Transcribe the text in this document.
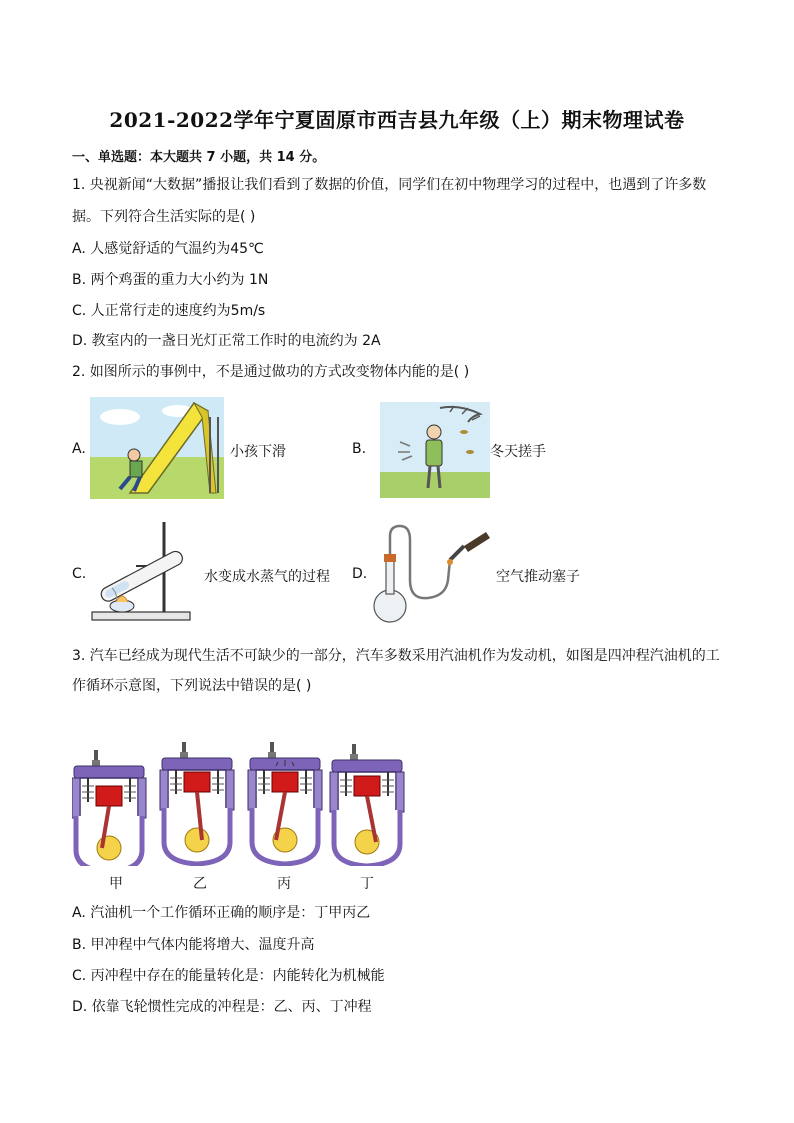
2021-2022学年宁夏固原市西吉县九年级（上）期末物理试卷
一、单选题：本大题共 7 小题，共 14 分。
1. 央视新闻“大数据”播报让我们看到了数据的价值，同学们在初中物理学习的过程中，也遇到了许多数
据。下列符合生活实际的是( )
A. 人感觉舒适的气温约为45℃
B. 两个鸡蛋的重力大小约为 1N
C. 人正常行走的速度约为5m/s
D. 教室内的一盏日光灯正常工作时的电流约为 2A
2. 如图所示的事例中，不是通过做功的方式改变物体内能的是( )
A.	小孩下滑	B.	冬天搓手
C.	水变成水蒸气的过程 D.	空气推动塞子
3. 汽车已经成为现代生活不可缺少的一部分，汽车多数采用汽油机作为发动机，如图是四冲程汽油机的工
作循环示意图，下列说法中错误的是( )
甲	乙	丙	丁
A. 汽油机一个工作循环正确的顺序是：丁甲丙乙
B. 甲冲程中气体内能将增大、温度升高
C. 丙冲程中存在的能量转化是：内能转化为机械能
D. 依靠飞轮惯性完成的冲程是：乙、丙、丁冲程
